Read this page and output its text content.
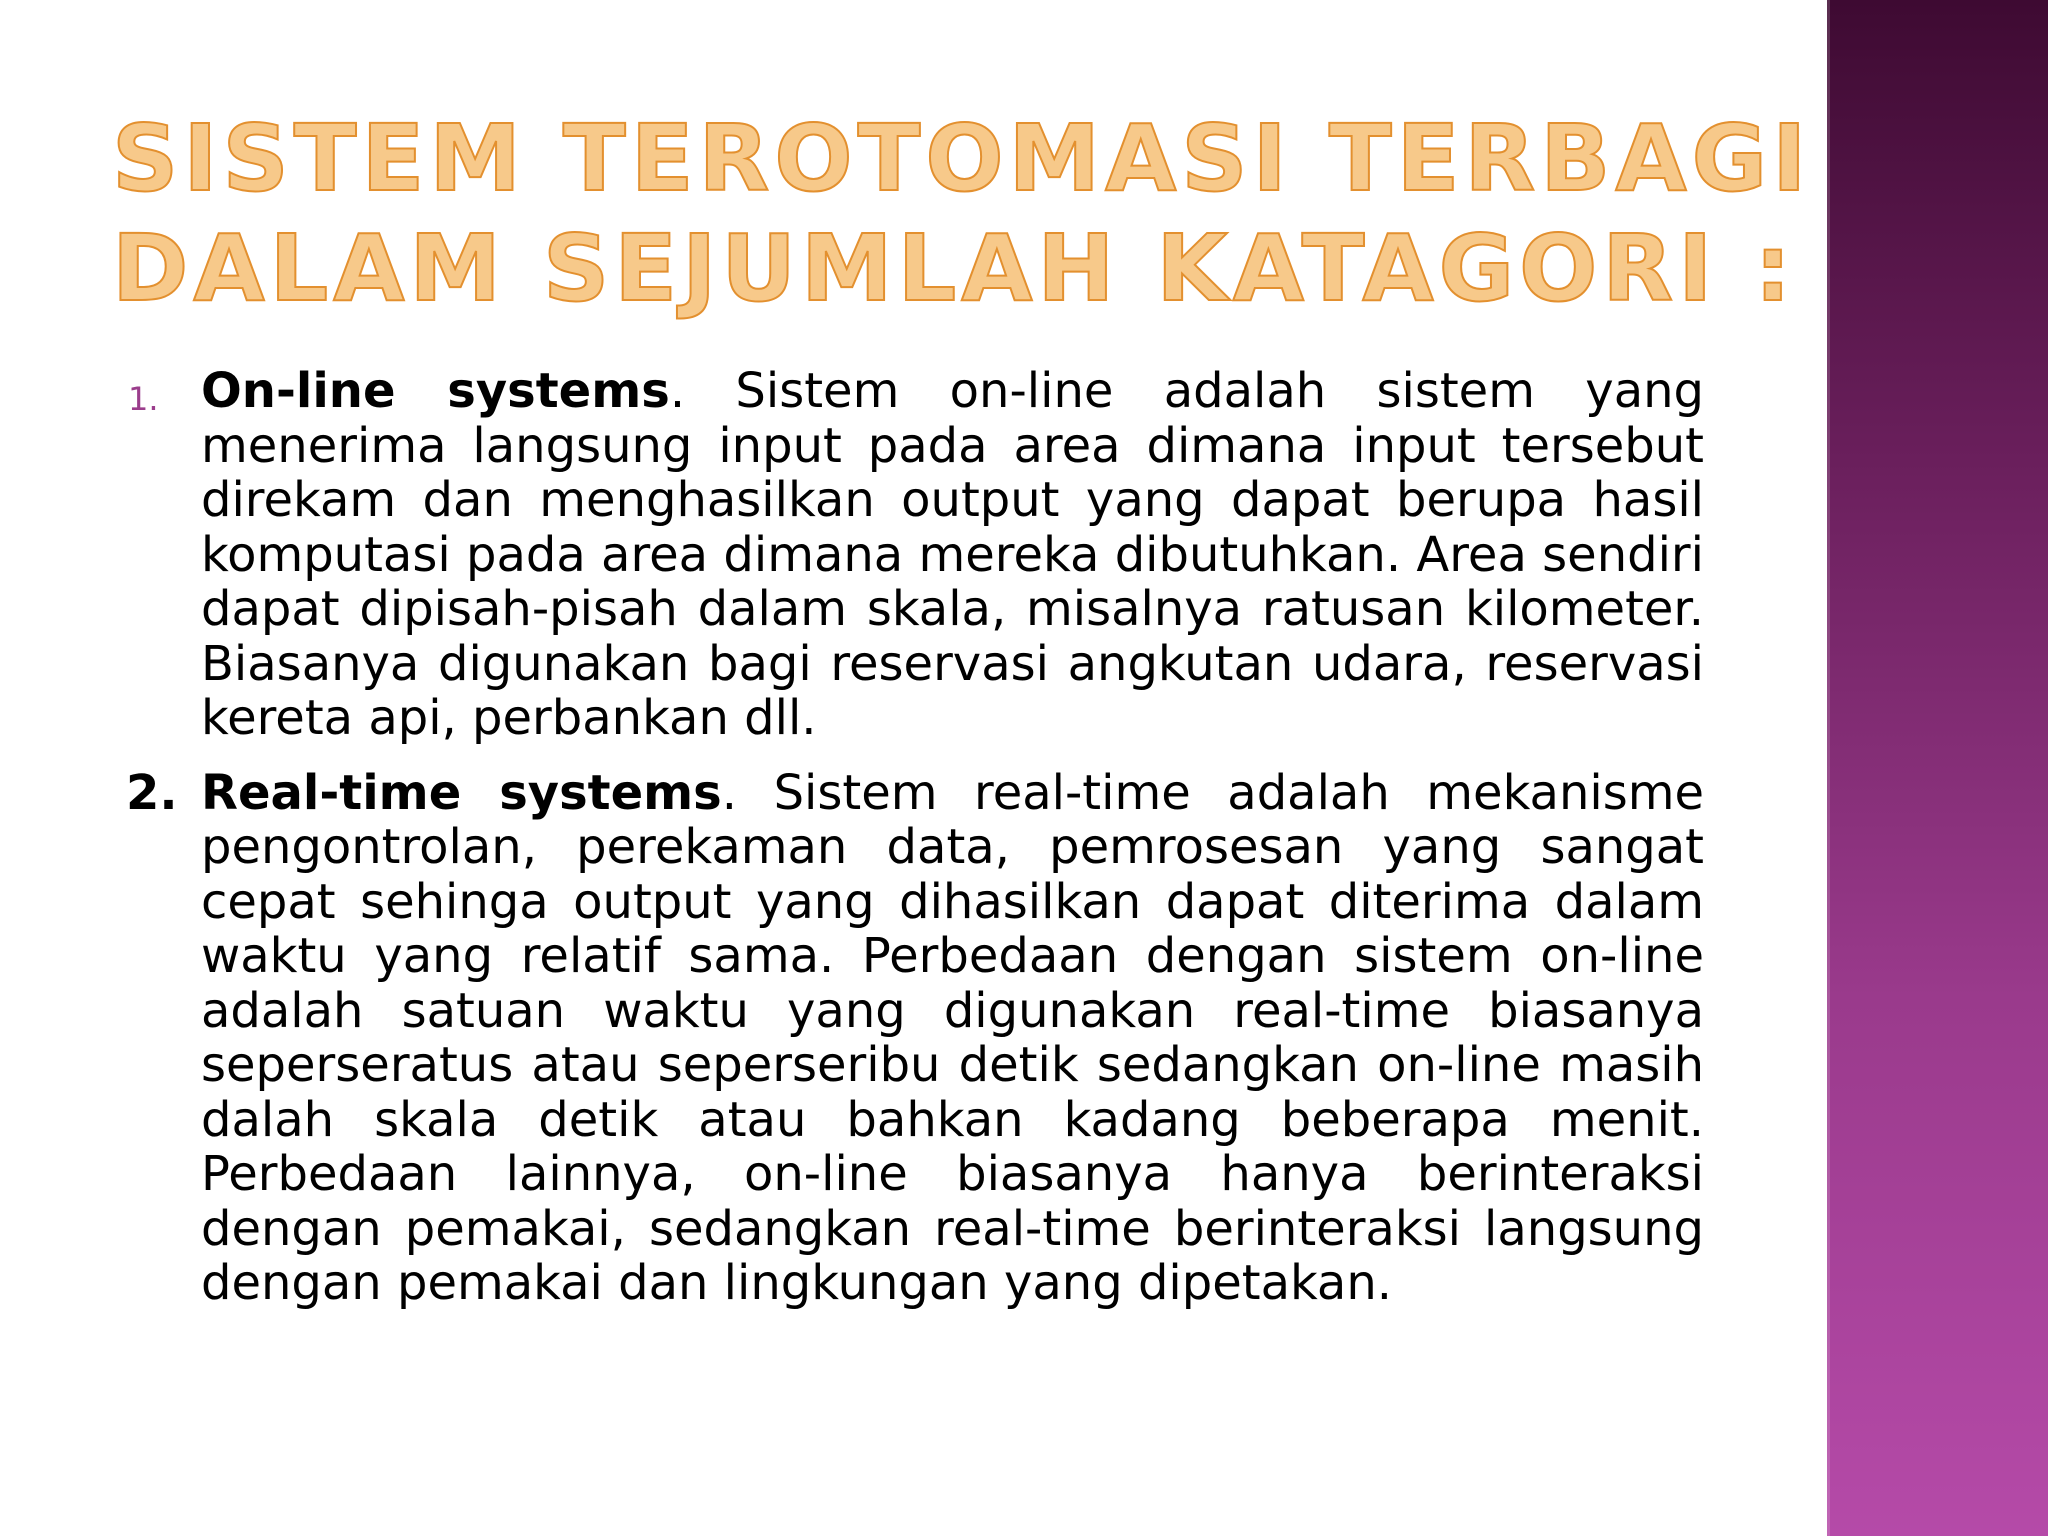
SISTEM TEROTOMASI TERBAGI
DALAM SEJUMLAH KATAGORI :
1. On-line systems. Sistem on-line adalah sistem yang menerima langsung input pada area dimana input tersebut direkam dan menghasilkan output yang dapat berupa hasil komputasi pada area dimana mereka dibutuhkan. Area sendiri dapat dipisah-pisah dalam skala, misalnya ratusan kilometer. Biasanya digunakan bagi reservasi angkutan udara, reservasi kereta api, perbankan dll.
2. Real-time systems. Sistem real-time adalah mekanisme pengontrolan, perekaman data, pemrosesan yang sangat cepat sehinga output yang dihasilkan dapat diterima dalam waktu yang relatif sama. Perbedaan dengan sistem on-line adalah satuan waktu yang digunakan real-time biasanya seperseratus atau seperseribu detik sedangkan on-line masih dalah skala detik atau bahkan kadang beberapa menit. Perbedaan lainnya, on-line biasanya hanya berinteraksi dengan pemakai, sedangkan real-time berinteraksi langsung dengan pemakai dan lingkungan yang dipetakan.
